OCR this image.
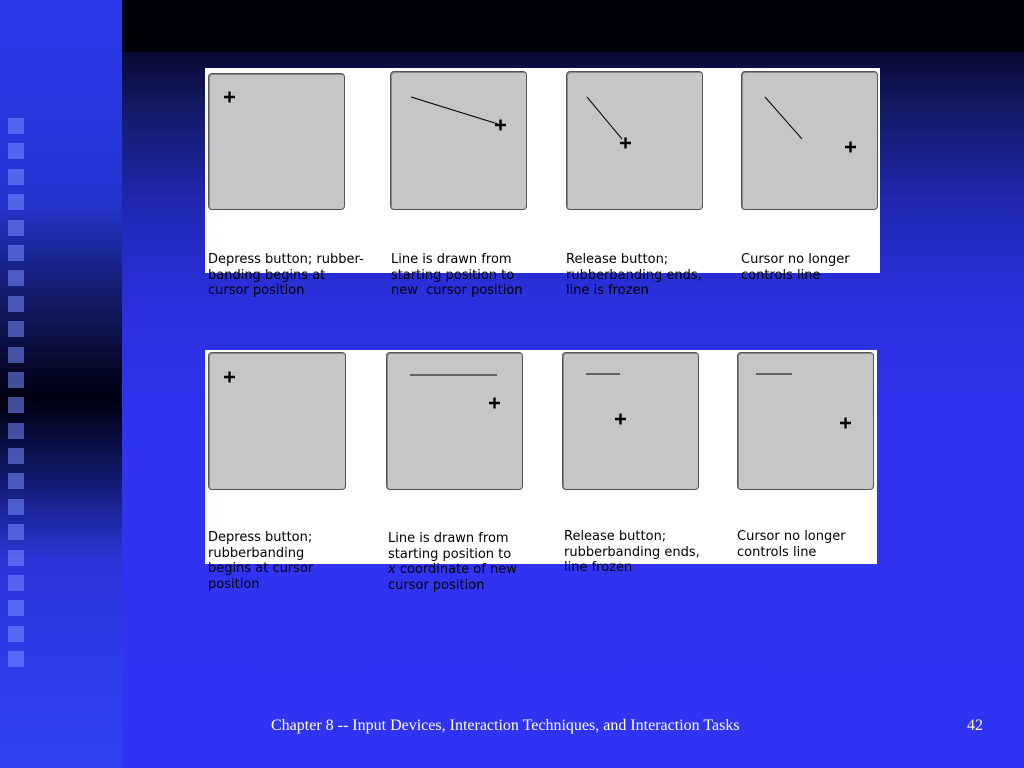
Depress button; rubber-
banding begins at
cursor position

Line is drawn from
starting position to
new  cursor position

Release button;
rubberbanding ends,
line is frozen

Cursor no longer
controls line

Depress button;
rubberbanding
begins at cursor
position

Line is drawn from
starting position to
x coordinate of new
cursor position

Release button;
rubberbanding ends,
line frozen

Cursor no longer
controls line

Chapter 8 -- Input Devices, Interaction Techniques, and Interaction Tasks	42
